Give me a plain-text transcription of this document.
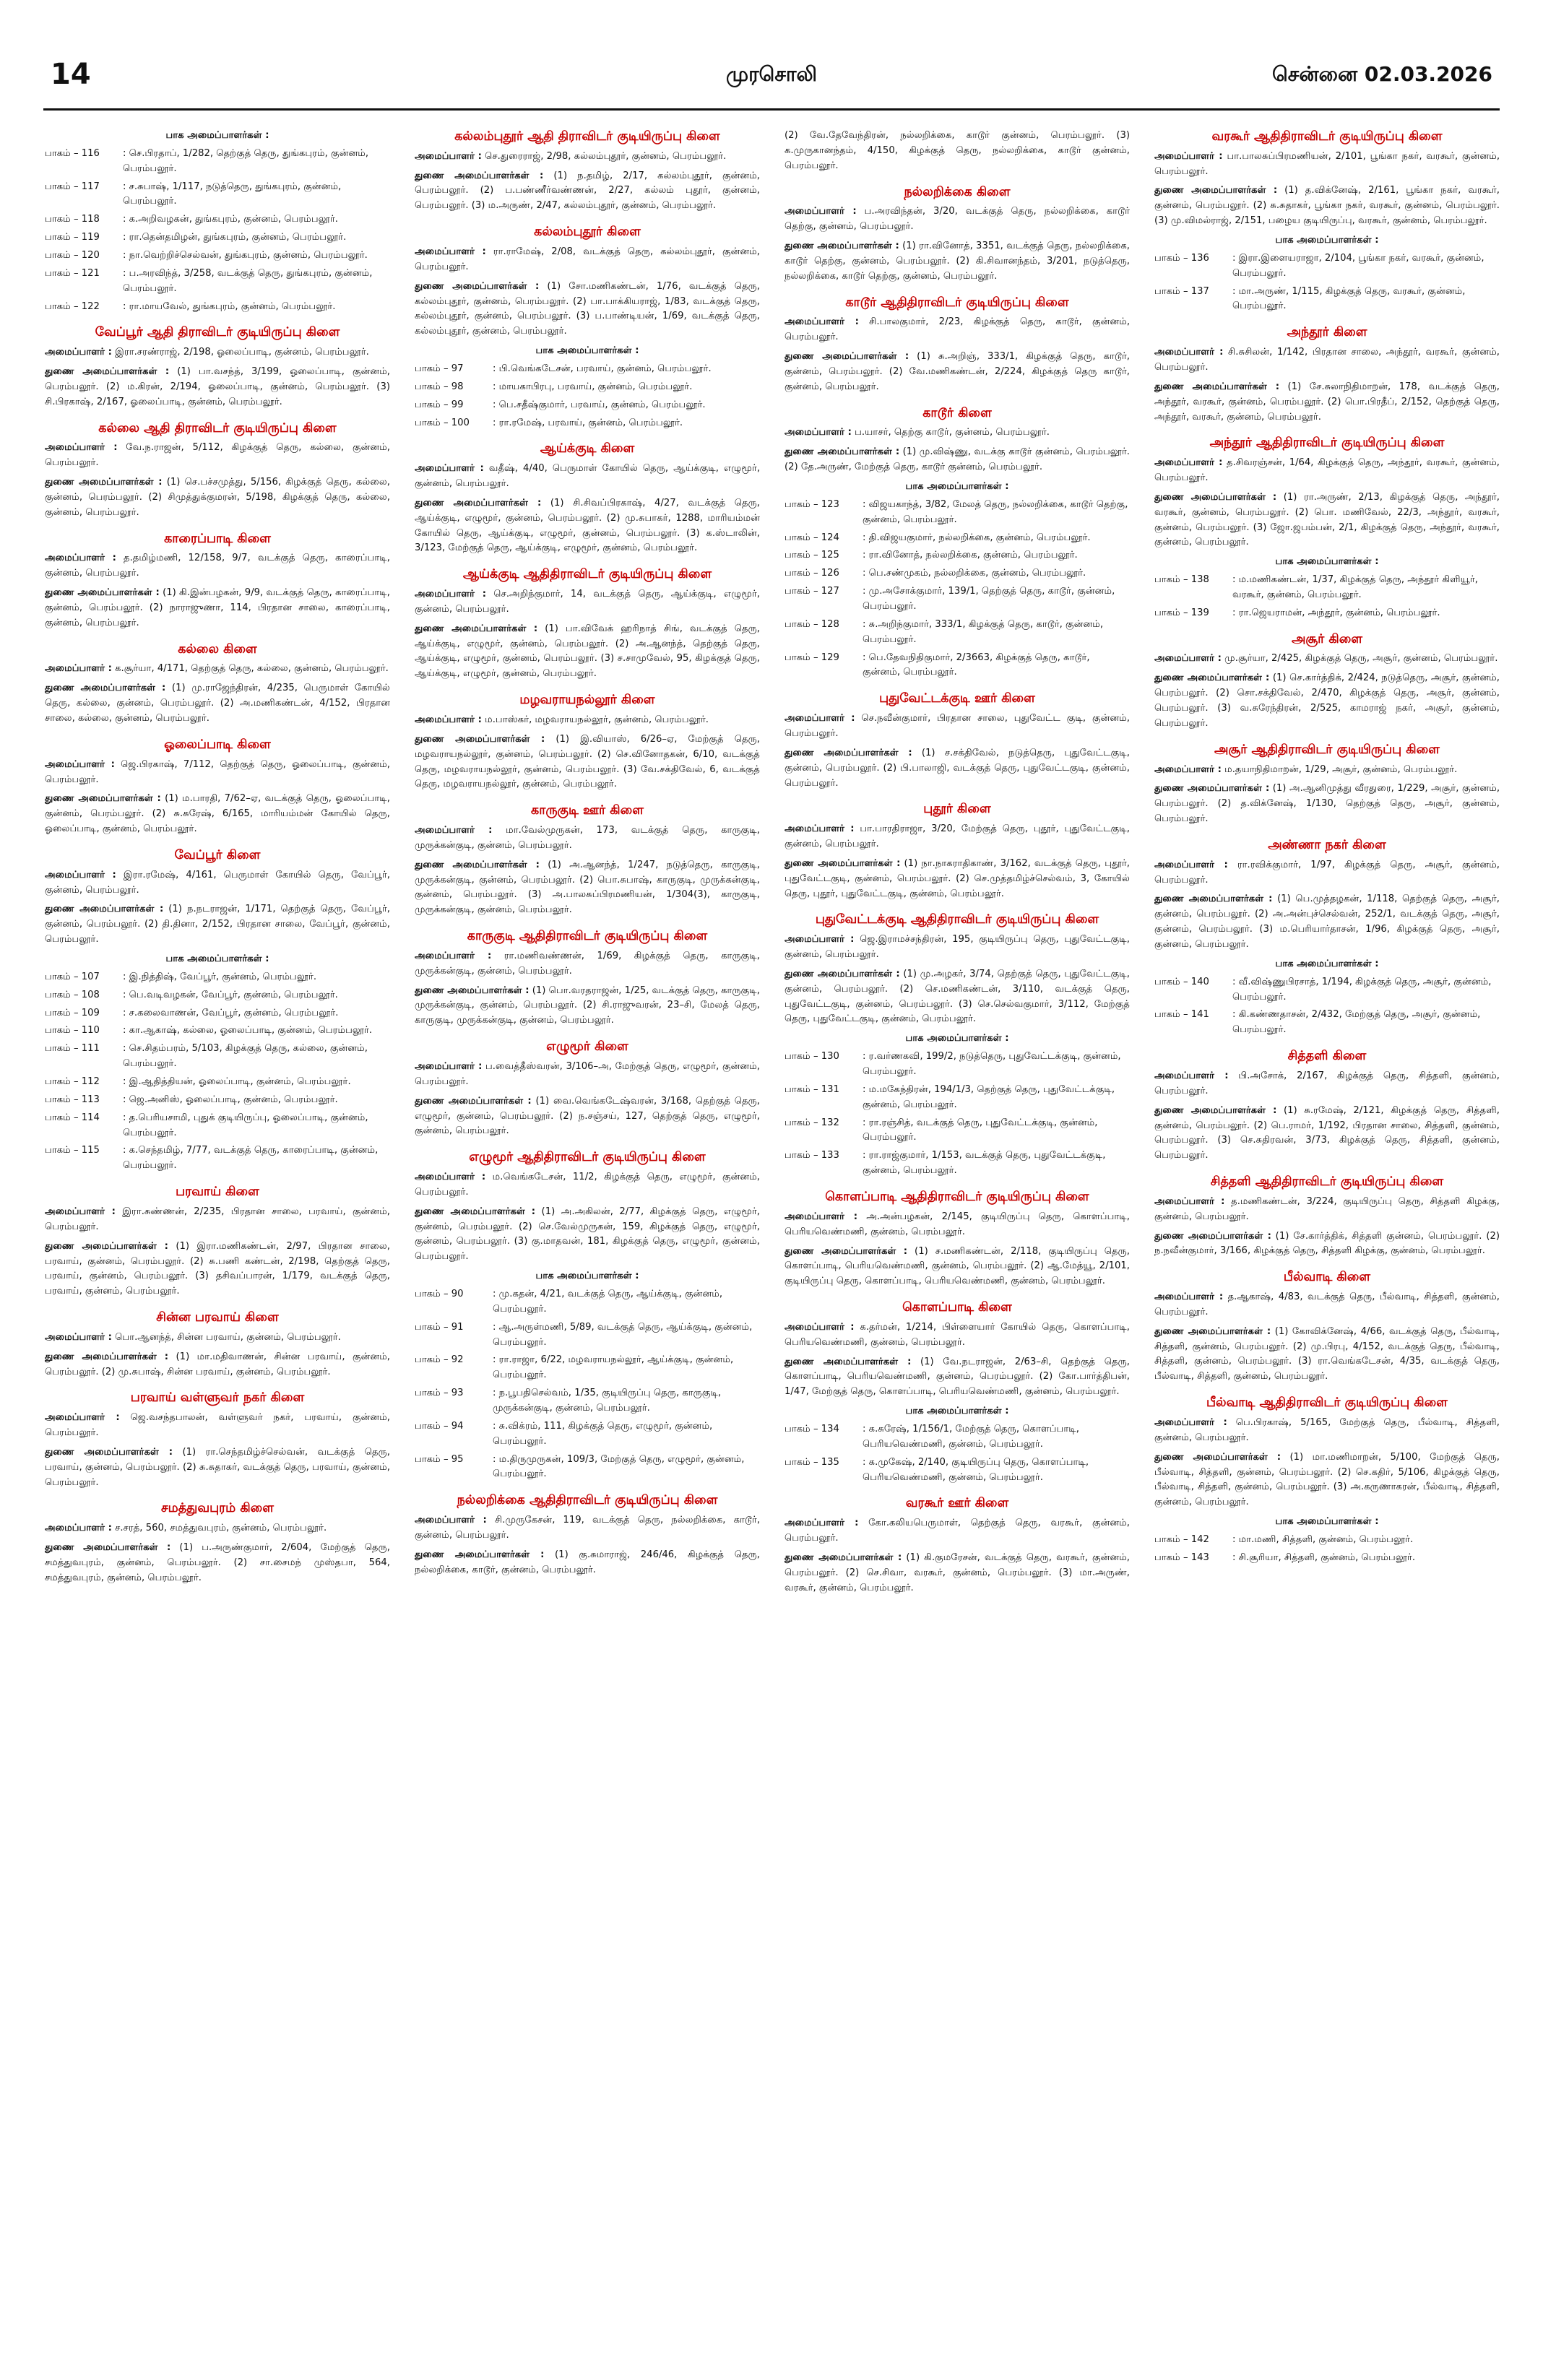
14	முரசொலி	சென்னை 02.03.2026
பாக அமைப்பாளர்கள் :
பாகம் – 116	: செ.பிரதாப், 1/282, தெற்குத் தெரு, துங்கபுரம், குன்னம், பெரம்பலூர்.
பாகம் – 117	: ச.சுபாஷ், 1/117, நடுத்தெரு, துங்கபுரம், குன்னம், பெரம்பலூர்.
பாகம் – 118	: க.அறிவழகன், துங்கபுரம், குன்னம், பெரம்பலூர்.
பாகம் – 119	: ரா.தென்தமிழன், துங்கபுரம், குன்னம், பெரம்பலூர்.
பாகம் – 120	: நா.வெற்றிச்செல்வன், துங்கபுரம், குன்னம், பெரம்பலூர்.
பாகம் – 121	: ப.அரவிந்த், 3/258, வடக்குத் தெரு, துங்கபுரம், குன்னம், பெரம்பலூர்.
பாகம் – 122	: ரா.மாயவேல், துங்கபுரம், குன்னம், பெரம்பலூர்.
வேப்பூர் ஆதி திராவிடர் குடியிருப்பு கிளை
அமைப்பாளர் : இரா.சரண்ராஜ், 2/198, ஓலைப்பாடி, குன்னம், பெரம்பலூர்.
துணை அமைப்பாளர்கள் : (1) பா.வசந்த், 3/199, ஓலைப்பாடி, குன்னம், பெரம்பலூர். (2) ம.கிரன், 2/194, ஓலைப்பாடி, குன்னம், பெரம்பலூர். (3) சி.பிரகாஷ், 2/167, ஓலைப்பாடி, குன்னம், பெரம்பலூர்.
கல்லை ஆதி திராவிடர் குடியிருப்பு கிளை
அமைப்பாளர் : வே.ந.ராஜன், 5/112, கிழக்குத் தெரு, கல்லை, குன்னம், பெரம்பலூர்.
துணை அமைப்பாளர்கள் : (1) செ.பச்சமுத்து, 5/156, கிழக்குத் தெரு, கல்லை, குன்னம், பெரம்பலூர். (2) சிமுத்துக்குமரன், 5/198, கிழக்குத் தெரு, கல்லை, குன்னம், பெரம்பலூர்.
காரைப்பாடி கிளை
அமைப்பாளர் : த.தமிழ்மணி, 12/158, 9/7, வடக்குத் தெரு, காரைப்பாடி, குன்னம், பெரம்பலூர்.
துணை அமைப்பாளர்கள் : (1) கி.இன்பழகன், 9/9, வடக்குத் தெரு, காரைப்பாடி, குன்னம், பெரம்பலூர். (2) நாராஜுணா, 114, பிரதான சாலை, காரைப்பாடி, குன்னம், பெரம்பலூர்.
கல்லை கிளை
அமைப்பாளர் : க.சூர்யா, 4/171, தெற்குத் தெரு, கல்லை, குன்னம், பெரம்பலூர்.
துணை அமைப்பாளர்கள் : (1) மு.ராஜேந்திரன், 4/235, பெருமாள் கோயில் தெரு, கல்லை, குன்னம், பெரம்பலூர். (2) அ.மணிகண்டன், 4/152, பிரதான சாலை, கல்லை, குன்னம், பெரம்பலூர்.
ஓலைப்பாடி கிளை
அமைப்பாளர் : ஜெ.பிரகாஷ், 7/112, தெற்குத் தெரு, ஓலைப்பாடி, குன்னம், பெரம்பலூர்.
துணை அமைப்பாளர்கள் : (1) ம.பாரதி, 7/62–ஏ, வடக்குத் தெரு, ஓலைப்பாடி, குன்னம், பெரம்பலூர். (2) சு.சுரேஷ், 6/165, மாரியம்மன் கோயில் தெரு, ஓலைப்பாடி, குன்னம், பெரம்பலூர்.
வேப்பூர் கிளை
அமைப்பாளர் : இரா.ரமேஷ், 4/161, பெருமாள் கோயில் தெரு, வேப்பூர், குன்னம், பெரம்பலூர்.
துணை அமைப்பாளர்கள் : (1) ந.நடராஜன், 1/171, தெற்குத் தெரு, வேப்பூர், குன்னம், பெரம்பலூர். (2) தி.தினா, 2/152, பிரதான சாலை, வேப்பூர், குன்னம், பெரம்பலூர்.
பாக அமைப்பாளர்கள் :
பாகம் – 107	: இ.நித்திஷ், வேப்பூர், குன்னம், பெரம்பலூர்.
பாகம் – 108	: பெ.வடிவழகன், வேப்பூர், குன்னம், பெரம்பலூர்.
பாகம் – 109	: ச.கலைவாணன், வேப்பூர், குன்னம், பெரம்பலூர்.
பாகம் – 110	: கா.ஆகாஷ், கல்லை, ஓலைப்பாடி, குன்னம், பெரம்பலூர்.
பாகம் – 111	: செ.சிதம்பரம், 5/103, கிழக்குத் தெரு, கல்லை, குன்னம், பெரம்பலூர்.
பாகம் – 112	: இ.ஆதித்தியன், ஓலைப்பாடி, குன்னம், பெரம்பலூர்.
பாகம் – 113	: ஜெ.அனிஸ், ஓலைப்பாடி, குன்னம், பெரம்பலூர்.
பாகம் – 114	: த.பெரியசாமி, புதுக் குடியிருப்பு, ஓலைப்பாடி, குன்னம், பெரம்பலூர்.
பாகம் – 115	: க.செந்தமிழ், 7/77, வடக்குத் தெரு, காரைப்பாடி, குன்னம், பெரம்பலூர்.
பரவாய் கிளை
அமைப்பாளர் : இரா.சுண்ணன், 2/235, பிரதான சாலை, பரவாய், குன்னம், பெரம்பலூர்.
துணை அமைப்பாளர்கள் : (1) இரா.மணிகண்டன், 2/97, பிரதான சாலை, பரவாய், குன்னம், பெரம்பலூர். (2) சு.பணி கண்டன், 2/198, தெற்குத் தெரு, பரவாய், குன்னம், பெரம்பலூர். (3) தசிவப்பாரன், 1/179, வடக்குத் தெரு, பரவாய், குன்னம், பெரம்பலூர்.
சின்ன பரவாய் கிளை
அமைப்பாளர் : பொ.ஆனந்த், சின்ன பரவாய், குன்னம், பெரம்பலூர்.
துணை அமைப்பாளர்கள் : (1) மா.மதிவாணன், சின்ன பரவாய், குன்னம், பெரம்பலூர். (2) மு.சுபாஷ், சின்ன பரவாய், குன்னம், பெரம்பலூர்.
பரவாய் வள்ளுவர் நகர் கிளை
அமைப்பாளர் : ஜெ.வசந்தபாலன், வள்ளுவர் நகர், பரவாய், குன்னம், பெரம்பலூர்.
துணை அமைப்பாளர்கள் : (1) ரா.செந்தமிழ்ச்செல்வன், வடக்குத் தெரு, பரவாய், குன்னம், பெரம்பலூர். (2) சு.சுதாகர், வடக்குத் தெரு, பரவாய், குன்னம், பெரம்பலூர்.
சமத்துவபுரம் கிளை
அமைப்பாளர் : ச.சரத், 560, சமத்துவபுரம், குன்னம், பெரம்பலூர்.
துணை அமைப்பாளர்கள் : (1) ப.அருண்குமார், 2/604, மேற்குத் தெரு, சமத்துவபுரம், குன்னம், பெரம்பலூர். (2) சா.சைமந் முஸ்தபா, 564, சமத்துவபுரம், குன்னம், பெரம்பலூர்.
கல்லம்புதூர் ஆதி திராவிடர் குடியிருப்பு கிளை
அமைப்பாளர் : செ.துரைராஜ், 2/98, கல்லம்புதூர், குன்னம், பெரம்பலூர்.
துணை அமைப்பாளர்கள் : (1) ந.தமிழ், 2/17, கல்லம்புதூர், குன்னம், பெரம்பலூர். (2) ப.பண்ணீர்வண்ணன், 2/27, கல்லம் புதூர், குன்னம், பெரம்பலூர். (3) ம.அருண், 2/47, கல்லம்புதூர், குன்னம், பெரம்பலூர்.
கல்லம்புதூர் கிளை
அமைப்பாளர் : ரா.ராமேஷ், 2/08, வடக்குத் தெரு, கல்லம்புதூர், குன்னம், பெரம்பலூர்.
துணை அமைப்பாளர்கள் : (1) சோ.மணிகண்டன், 1/76, வடக்குத் தெரு, கல்லம்புதூர், குன்னம், பெரம்பலூர். (2) பா.பாக்கியராஜ், 1/83, வடக்குத் தெரு, கல்லம்புதூர், குன்னம், பெரம்பலூர். (3) ப.பாண்டியன், 1/69, வடக்குத் தெரு, கல்லம்புதூர், குன்னம், பெரம்பலூர்.
பாக அமைப்பாளர்கள் :
பாகம் – 97	: பி.வெங்கடேசன், பரவாய், குன்னம், பெரம்பலூர்.
பாகம் – 98	: மாயகாபிரபு, பரவாய், குன்னம், பெரம்பலூர்.
பாகம் – 99	: பெ.சதீஷ்குமார், பரவாய், குன்னம், பெரம்பலூர்.
பாகம் – 100	: ரா.ரமேஷ், பரவாய், குன்னம், பெரம்பலூர்.
ஆய்க்குடி கிளை
அமைப்பாளர் : வதீஷ், 4/40, பெருமாள் கோயில் தெரு, ஆய்க்குடி, எழுமூர், குன்னம், பெரம்பலூர்.
துணை அமைப்பாளர்கள் : (1) சி.சிவப்பிரகாஷ், 4/27, வடக்குத் தெரு, ஆய்க்குடி, எழுமூர், குன்னம், பெரம்பலூர். (2) மு.சுபாகர், 1288, மாரியம்மன் கோயில் தெரு, ஆய்க்குடி, எழுமூர், குன்னம், பெரம்பலூர். (3) க.ஸ்டாலின், 3/123, மேற்குத் தெரு, ஆய்க்குடி, எழுமூர், குன்னம், பெரம்பலூர்.
ஆய்க்குடி ஆதிதிராவிடர் குடியிருப்பு கிளை
அமைப்பாளர் : செ.அறிந்குமார், 14, வடக்குத் தெரு, ஆய்க்குடி, எழுமூர், குன்னம், பெரம்பலூர்.
துணை அமைப்பாளர்கள் : (1) பா.விவேக் ஹரிநாத் சிங், வடக்குத் தெரு, ஆய்க்குடி, எழுமூர், குன்னம், பெரம்பலூர். (2) அ.ஆனந்த், தெற்குத் தெரு, ஆய்க்குடி, எழுமூர், குன்னம், பெரம்பலூர். (3) ச.சாமுவேல், 95, கிழக்குத் தெரு, ஆய்க்குடி, எழுமூர், குன்னம், பெரம்பலூர்.
மழவராயநல்லூர் கிளை
அமைப்பாளர் : ம.பாஸ்கர், மழவராயநல்லூர், குன்னம், பெரம்பலூர்.
துணை அமைப்பாளர்கள் : (1) இ.வியாஸ், 6/26–ஏ, மேற்குத் தெரு, மழவராயநல்லூர், குன்னம், பெரம்பலூர். (2) செ.வினோதகன், 6/10, வடக்குத் தெரு, மழவராயநல்லூர், குன்னம், பெரம்பலூர். (3) வே.சக்திவேல், 6, வடக்குத் தெரு, மழவராயநல்லூர், குன்னம், பெரம்பலூர்.
காருகுடி ஊர் கிளை
அமைப்பாளர் : மா.வேல்முருகன், 173, வடக்குத் தெரு, காருகுடி, முருக்கன்குடி, குன்னம், பெரம்பலூர்.
துணை அமைப்பாளர்கள் : (1) அ.ஆனந்த், 1/247, நடுத்தெரு, காருகுடி, முருக்கன்குடி, குன்னம், பெரம்பலூர். (2) பொ.சுபாஷ், காருகுடி, முருக்கன்குடி, குன்னம், பெரம்பலூர். (3) அ.பாலசுப்பிரமணியன், 1/304(3), காருகுடி, முருக்கன்குடி, குன்னம், பெரம்பலூர்.
காருகுடி ஆதிதிராவிடர் குடியிருப்பு கிளை
அமைப்பாளர் : ரா.மணிவண்ணன், 1/69, கிழக்குத் தெரு, காருகுடி, முருக்கன்குடி, குன்னம், பெரம்பலூர்.
துணை அமைப்பாளர்கள் : (1) பொ.வரதராஜன், 1/25, வடக்குத் தெரு, காருகுடி, முருக்கன்குடி, குன்னம், பெரம்பலூர். (2) சி.ராஜுவரன், 23–சி, மேலத் தெரு, காருகுடி, முருக்கன்குடி, குன்னம், பெரம்பலூர்.
எழுமூர் கிளை
அமைப்பாளர் : ப.வைத்தீஸ்வரன், 3/106–அ, மேற்குத் தெரு, எழுமூர், குன்னம், பெரம்பலூர்.
துணை அமைப்பாளர்கள் : (1) வை.வெங்கடேஷ்வரன், 3/168, தெற்குத் தெரு, எழுமூர், குன்னம், பெரம்பலூர். (2) ந.சஞ்சய், 127, தெற்குத் தெரு, எழுமூர், குன்னம், பெரம்பலூர்.
எழுமூர் ஆதிதிராவிடர் குடியிருப்பு கிளை
அமைப்பாளர் : ம.வெங்கடேசன், 11/2, கிழக்குத் தெரு, எழுமூர், குன்னம், பெரம்பலூர்.
துணை அமைப்பாளர்கள் : (1) அ.அகிலன், 2/77, கிழக்குத் தெரு, எழுமூர், குன்னம், பெரம்பலூர். (2) செ.வேல்முருகன், 159, கிழக்குத் தெரு, எழுமூர், குன்னம், பெரம்பலூர். (3) கு.மாதவன், 181, கிழக்குத் தெரு, எழுமூர், குன்னம், பெரம்பலூர்.
பாக அமைப்பாளர்கள் :
பாகம் – 90	: மு.கதன், 4/21, வடக்குத் தெரு, ஆய்க்குடி, குன்னம், பெரம்பலூர்.
பாகம் – 91	: ஆ.அருள்மணி, 5/89, வடக்குத் தெரு, ஆய்க்குடி, குன்னம், பெரம்பலூர்.
பாகம் – 92	: ரா.ராஜா, 6/22, மழவராயநல்லூர், ஆய்க்குடி, குன்னம், பெரம்பலூர்.
பாகம் – 93	: ந.பூபதிசெல்வம், 1/35, குடியிருப்பு தெரு, காருகுடி, முருக்கன்குடி, குன்னம், பெரம்பலூர்.
பாகம் – 94	: சு.விக்ரம், 111, கிழக்குத் தெரு, எழுமூர், குன்னம், பெரம்பலூர்.
பாகம் – 95	: ம.திருமுருகன், 109/3, மேற்குத் தெரு, எழுமூர், குன்னம், பெரம்பலூர்.
நல்லறிக்கை ஆதிதிராவிடர் குடியிருப்பு கிளை
அமைப்பாளர் : சி.முருகேசன், 119, வடக்குத் தெரு, நல்லறிக்கை, காடூர், குன்னம், பெரம்பலூர்.
துணை அமைப்பாளர்கள் : (1) கு.சுமாராஜ், 246/46, கிழக்குத் தெரு, நல்லறிக்கை, காடூர், குன்னம், பெரம்பலூர்.
(2) வே.தேவேந்திரன், நல்லறிக்கை, காடூர் குன்னம், பெரம்பலூர். (3) க.முருகானந்தம், 4/150, கிழக்குத் தெரு, நல்லறிக்கை, காடூர் குன்னம், பெரம்பலூர்.
நல்லறிக்கை கிளை
அமைப்பாளர் : ப.அரவிந்தன், 3/20, வடக்குத் தெரு, நல்லறிக்கை, காடூர் தெற்கு, குன்னம், பெரம்பலூர்.
துணை அமைப்பாளர்கள் : (1) ரா.வினோத், 3351, வடக்குத் தெரு, நல்லறிக்கை, காடூர் தெற்கு, குன்னம், பெரம்பலூர். (2) கி.சிவானந்தம், 3/201, நடுத்தெரு, நல்லறிக்கை, காடூர் தெற்கு, குன்னம், பெரம்பலூர்.
காடூர் ஆதிதிராவிடர் குடியிருப்பு கிளை
அமைப்பாளர் : சி.பாலகுமார், 2/23, கிழக்குத் தெரு, காடூர், குன்னம், பெரம்பலூர்.
துணை அமைப்பாளர்கள் : (1) சு.அறிஞ், 333/1, கிழக்குத் தெரு, காடூர், குன்னம், பெரம்பலூர். (2) வே.மணிகண்டன், 2/224, கிழக்குத் தெரு காடூர், குன்னம், பெரம்பலூர்.
காடூர் கிளை
அமைப்பாளர் : ப.யாசர், தெற்கு காடூர், குன்னம், பெரம்பலூர்.
துணை அமைப்பாளர்கள் : (1) மு.விஷ்ணு, வடக்கு காடூர் குன்னம், பெரம்பலூர். (2) தே.அருண், மேற்குத் தெரு, காடூர் குன்னம், பெரம்பலூர்.
பாக அமைப்பாளர்கள் :
பாகம் – 123	: விஜயகாந்த், 3/82, மேலத் தெரு, நல்லறிக்கை, காடூர் தெற்கு, குன்னம், பெரம்பலூர்.
பாகம் – 124	: தி.விஜயகுமார், நல்லறிக்கை, குன்னம், பெரம்பலூர்.
பாகம் – 125	: ரா.வினோத், நல்லறிக்கை, குன்னம், பெரம்பலூர்.
பாகம் – 126	: பெ.சண்முகம், நல்லறிக்கை, குன்னம், பெரம்பலூர்.
பாகம் – 127	: மு.அசோக்குமார், 139/1, தெற்குத் தெரு, காடூர், குன்னம், பெரம்பலூர்.
பாகம் – 128	: சு.அறிந்குமார், 333/1, கிழக்குத் தெரு, காடூர், குன்னம், பெரம்பலூர்.
பாகம் – 129	: பெ.தேவநிதிகுமார், 2/3663, கிழக்குத் தெரு, காடூர், குன்னம், பெரம்பலூர்.
புதுவேட்டக்குடி ஊர் கிளை
அமைப்பாளர் : செ.நவீன்குமார், பிரதான சாலை, புதுவேட்ட குடி, குன்னம், பெரம்பலூர்.
துணை அமைப்பாளர்கள் : (1) ச.சக்திவேல், நடுத்தெரு, புதுவேட்டகுடி, குன்னம், பெரம்பலூர். (2) பி.பாலாஜி, வடக்குத் தெரு, புதுவேட்டகுடி, குன்னம், பெரம்பலூர்.
புதூர் கிளை
அமைப்பாளர் : பா.பாரதிராஜா, 3/20, மேற்குத் தெரு, புதூர், புதுவேட்டகுடி, குன்னம், பெரம்பலூர்.
துணை அமைப்பாளர்கள் : (1) நா.நாகராதிகாண், 3/162, வடக்குத் தெரு, புதூர், புதுவேட்டகுடி, குன்னம், பெரம்பலூர். (2) செ.முத்தமிழ்ச்செல்வம், 3, கோயில் தெரு, புதூர், புதுவேட்டகுடி, குன்னம், பெரம்பலூர்.
புதுவேட்டக்குடி ஆதிதிராவிடர் குடியிருப்பு கிளை
அமைப்பாளர் : ஜெ.இராமச்சந்திரன், 195, குடியிருப்பு தெரு, புதுவேட்டகுடி, குன்னம், பெரம்பலூர்.
துணை அமைப்பாளர்கள் : (1) மு.அழகர், 3/74, தெற்குத் தெரு, புதுவேட்டகுடி, குன்னம், பெரம்பலூர். (2) செ.மணிகண்டன், 3/110, வடக்குத் தெரு, புதுவேட்டகுடி, குன்னம், பெரம்பலூர். (3) செ.செல்வகுமார், 3/112, மேற்குத் தெரு, புதுவேட்டகுடி, குன்னம், பெரம்பலூர்.
பாக அமைப்பாளர்கள் :
பாகம் – 130	: ர.வர்ணகவி, 199/2, நடுத்தெரு, புதுவேட்டக்குடி, குன்னம், பெரம்பலூர்.
பாகம் – 131	: ம.மகேந்திரன், 194/1/3, தெற்குத் தெரு, புதுவேட்டக்குடி, குன்னம், பெரம்பலூர்.
பாகம் – 132	: ரா.ரஞ்சித், வடக்குத் தெரு, புதுவேட்டக்குடி, குன்னம், பெரம்பலூர்.
பாகம் – 133	: ரா.ராஜ்குமார், 1/153, வடக்குத் தெரு, புதுவேட்டக்குடி, குன்னம், பெரம்பலூர்.
கொளப்பாடி ஆதிதிராவிடர் குடியிருப்பு கிளை
அமைப்பாளர் : அ.அன்பழகன், 2/145, குடியிருப்பு தெரு, கொளப்பாடி, பெரியவெண்மணி, குன்னம், பெரம்பலூர்.
துணை அமைப்பாளர்கள் : (1) ச.மணிகண்டன், 2/118, குடியிருப்பு தெரு, கொளப்பாடி, பெரியவெண்மணி, குன்னம், பெரம்பலூர். (2) ஆ.மேத்யூ, 2/101, குடியிருப்பு தெரு, கொளப்பாடி, பெரியவெண்மணி, குன்னம், பெரம்பலூர்.
கொளப்பாடி கிளை
அமைப்பாளர் : க.தர்மன், 1/214, பிள்ளையார் கோயில் தெரு, கொளப்பாடி, பெரியவெண்மணி, குன்னம், பெரம்பலூர்.
துணை அமைப்பாளர்கள் : (1) வே.நடராஜன், 2/63–சி, தெற்குத் தெரு, கொளப்பாடி, பெரியவெண்மணி, குன்னம், பெரம்பலூர். (2) கோ.பார்த்திபன், 1/47, மேற்குத் தெரு, கொளப்பாடி, பெரியவெண்மணி, குன்னம், பெரம்பலூர்.
பாக அமைப்பாளர்கள் :
பாகம் – 134	: க.சுரேஷ், 1/156/1, மேற்குத் தெரு, கொளப்பாடி, பெரியவெண்மணி, குன்னம், பெரம்பலூர்.
பாகம் – 135	: க.முகேஷ், 2/140, குடியிருப்பு தெரு, கொளப்பாடி, பெரியவெண்மணி, குன்னம், பெரம்பலூர்.
வரகூர் ஊர் கிளை
அமைப்பாளர் : கோ.கலியபெருமாள், தெற்குத் தெரு, வரகூர், குன்னம், பெரம்பலூர்.
துணை அமைப்பாளர்கள் : (1) கி.குமரேசன், வடக்குத் தெரு, வரகூர், குன்னம், பெரம்பலூர். (2) செ.சிவா, வரகூர், குன்னம், பெரம்பலூர். (3) மா.அருண், வரகூர், குன்னம், பெரம்பலூர்.
வரகூர் ஆதிதிராவிடர் குடியிருப்பு கிளை
அமைப்பாளர் : பா.பாலசுப்பிரமணியன், 2/101, பூங்கா நகர், வரகூர், குன்னம், பெரம்பலூர்.
துணை அமைப்பாளர்கள் : (1) த.விக்னேஷ், 2/161, பூங்கா நகர், வரகூர், குன்னம், பெரம்பலூர். (2) சு.சுதாகர், பூங்கா நகர், வரகூர், குன்னம், பெரம்பலூர். (3) மு.விமல்ராஜ், 2/151, பழைய குடியிருப்பு, வரகூர், குன்னம், பெரம்பலூர்.
பாக அமைப்பாளர்கள் :
பாகம் – 136	: இரா.இளையராஜா, 2/104, பூங்கா நகர், வரகூர், குன்னம், பெரம்பலூர்.
பாகம் – 137	: மா.அருண், 1/115, கிழக்குத் தெரு, வரகூர், குன்னம், பெரம்பலூர்.
அந்தூர் கிளை
அமைப்பாளர் : சி.சுசிலன், 1/142, பிரதான சாலை, அந்தூர், வரகூர், குன்னம், பெரம்பலூர்.
துணை அமைப்பாளர்கள் : (1) சே.சுலாநிதிமாறன், 178, வடக்குத் தெரு, அந்தூர், வரகூர், குன்னம், பெரம்பலூர். (2) பொ.பிரதீப், 2/152, தெற்குத் தெரு, அந்தூர், வரகூர், குன்னம், பெரம்பலூர்.
அந்தூர் ஆதிதிராவிடர் குடியிருப்பு கிளை
அமைப்பாளர் : த.சிவரஞ்சன், 1/64, கிழக்குத் தெரு, அந்தூர், வரகூர், குன்னம், பெரம்பலூர்.
துணை அமைப்பாளர்கள் : (1) ரா.அருண், 2/13, கிழக்குத் தெரு, அந்தூர், வரகூர், குன்னம், பெரம்பலூர். (2) பொ. மணிவேல், 22/3, அந்தூர், வரகூர், குன்னம், பெரம்பலூர். (3) ஜோ.ஜபம்பன், 2/1, கிழக்குத் தெரு, அந்தூர், வரகூர், குன்னம், பெரம்பலூர்.
பாக அமைப்பாளர்கள் :
பாகம் – 138	: ம.மணிகண்டன், 1/37, கிழக்குத் தெரு, அந்தூர் கிளியூர், வரகூர், குன்னம், பெரம்பலூர்.
பாகம் – 139	: ரா.ஜெயராமன், அந்தூர், குன்னம், பெரம்பலூர்.
அசூர் கிளை
அமைப்பாளர் : மு.சூர்யா, 2/425, கிழக்குத் தெரு, அசூர், குன்னம், பெரம்பலூர்.
துணை அமைப்பாளர்கள் : (1) செ.கார்த்திக், 2/424, நடுத்தெரு, அசூர், குன்னம், பெரம்பலூர். (2) சொ.சக்திவேல், 2/470, கிழக்குத் தெரு, அசூர், குன்னம், பெரம்பலூர். (3) வ.சுரேந்திரன், 2/525, காமராஜ் நகர், அசூர், குன்னம், பெரம்பலூர்.
அசூர் ஆதிதிராவிடர் குடியிருப்பு கிளை
அமைப்பாளர் : ம.தயாநிதிமாறன், 1/29, அசூர், குன்னம், பெரம்பலூர்.
துணை அமைப்பாளர்கள் : (1) அ.ஆனிமுத்து வீரதுரை, 1/229, அசூர், குன்னம், பெரம்பலூர். (2) த.விக்னேஷ், 1/130, தெற்குத் தெரு, அசூர், குன்னம், பெரம்பலூர்.
அண்ணா நகர் கிளை
அமைப்பாளர் : ரா.ரவிக்குமார், 1/97, கிழக்குத் தெரு, அசூர், குன்னம், பெரம்பலூர்.
துணை அமைப்பாளர்கள் : (1) பெ.முத்தழகன், 1/118, தெற்குத் தெரு, அசூர், குன்னம், பெரம்பலூர். (2) அ.அன்புச்செல்வன், 252/1, வடக்குத் தெரு, அசூர், குன்னம், பெரம்பலூர். (3) ம.பெரியார்தாசன், 1/96, கிழக்குத் தெரு, அசூர், குன்னம், பெரம்பலூர்.
பாக அமைப்பாளர்கள் :
பாகம் – 140	: வீ.விஷ்ணுபிரசாத், 1/194, கிழக்குத் தெரு, அசூர், குன்னம், பெரம்பலூர்.
பாகம் – 141	: கி.கண்ணதாசன், 2/432, மேற்குத் தெரு, அசூர், குன்னம், பெரம்பலூர்.
சித்தளி கிளை
அமைப்பாளர் : பி.அசோக், 2/167, கிழக்குத் தெரு, சித்தளி, குன்னம், பெரம்பலூர்.
துணை அமைப்பாளர்கள் : (1) சு.ரமேஷ், 2/121, கிழக்குத் தெரு, சித்தளி, குன்னம், பெரம்பலூர். (2) பெ.ராமர், 1/192, பிரதான சாலை, சித்தளி, குன்னம், பெரம்பலூர். (3) செ.சுதிரவன், 3/73, கிழக்குத் தெரு, சித்தளி, குன்னம், பெரம்பலூர்.
சித்தளி ஆதிதிராவிடர் குடியிருப்பு கிளை
அமைப்பாளர் : த.மணிகண்டன், 3/224, குடியிருப்பு தெரு, சித்தளி கிழக்கு, குன்னம், பெரம்பலூர்.
துணை அமைப்பாளர்கள் : (1) சே.கார்த்திக், சித்தளி குன்னம், பெரம்பலூர். (2) ந.நவீன்குமார், 3/166, கிழக்குத் தெரு, சித்தளி கிழக்கு, குன்னம், பெரம்பலூர்.
பீல்வாடி கிளை
அமைப்பாளர் : த.ஆகாஷ், 4/83, வடக்குத் தெரு, பீல்வாடி, சித்தளி, குன்னம், பெரம்பலூர்.
துணை அமைப்பாளர்கள் : (1) கோவிக்னேஷ், 4/66, வடக்குத் தெரு, பீல்வாடி, சித்தளி, குன்னம், பெரம்பலூர். (2) மு.பிரபு, 4/152, வடக்குத் தெரு, பீல்வாடி, சித்தளி, குன்னம், பெரம்பலூர். (3) ரா.வெங்கடேசன், 4/35, வடக்குத் தெரு, பீல்வாடி, சித்தளி, குன்னம், பெரம்பலூர்.
பீல்வாடி ஆதிதிராவிடர் குடியிருப்பு கிளை
அமைப்பாளர் : பெ.பிரகாஷ், 5/165, மேற்குத் தெரு, பீல்வாடி, சித்தளி, குன்னம், பெரம்பலூர்.
துணை அமைப்பாளர்கள் : (1) மா.மணிமாறன், 5/100, மேற்குத் தெரு, பீல்வாடி, சித்தளி, குன்னம், பெரம்பலூர். (2) செ.கதிர், 5/106, கிழக்குத் தெரு, பீல்வாடி, சித்தளி, குன்னம், பெரம்பலூர். (3) அ.கருணாகரன், பீல்வாடி, சித்தளி, குன்னம், பெரம்பலூர்.
பாக அமைப்பாளர்கள் :
பாகம் – 142	: மா.மணி, சித்தளி, குன்னம், பெரம்பலூர்.
பாகம் – 143	: சி.சூரியா, சித்தளி, குன்னம், பெரம்பலூர்.
